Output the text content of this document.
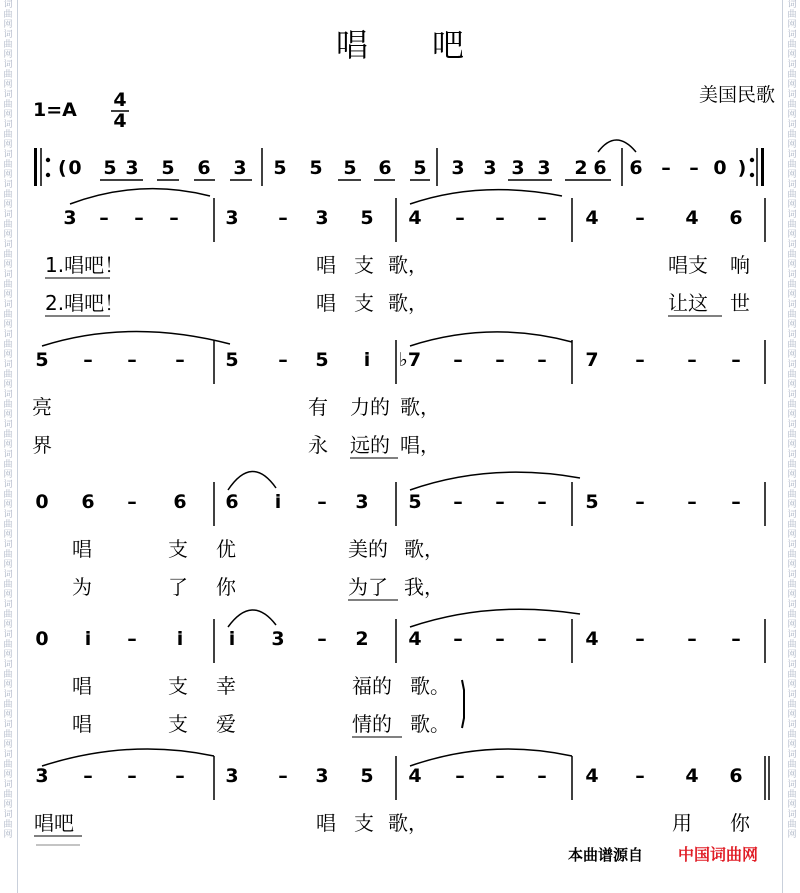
词
曲
网
词
曲
网
词
曲
网
词
曲
网
词
曲
网
词
曲
网
词
曲
网
词
曲
网
词
曲
网
词
曲
网
词
曲
网
词
曲
网
词
曲
网
词
曲
网
词
曲
网
词
曲
网
词
曲
网
词
曲
网
词
曲
网
词
曲
网
词
曲
网
词
曲
网
词
曲
网
词
曲
网
词
曲
网
词
曲
网
词
曲
网
词
曲
网
词
曲
网
词
曲
网
词
曲
网
词
曲
网
词
曲
网
词
曲
网
词
曲
网
词
曲
网
词
曲
网
词
曲
网
词
曲
网
词
曲
网
词
曲
网
词
曲
网
词
曲
网
词
曲
网
词
曲
网
词
曲
网
词
曲
网
词
曲
网
词
曲
网
词
曲
网
词
曲
网
词
曲
网
词
曲
网
词
曲
网
词
曲
网
词
曲
网
唱　　吧
美国民歌
1=A 4
4
( 0 5 3 5 6 3 5 5 5 6 5 3 3 3 3 2 6 6 – – 0 )
3 – – – 3 – 3 5 4 – – – 4 – 4 6
1.唱吧！	唱 支 歌，	唱支 响
2.唱吧！	唱 支 歌，	让这 世
5 – – – 5 – 5 i ♭7 – – – 7 – – –
亮	有 力的 歌，
界	永 远的 唱，
0 6 – 6 6 i – 3 5 – – – 5 – – –
唱	支 优	美的 歌，
为	了 你	为了 我，
0 i – i i 3 – 2 4 – – – 4 – – –
唱	支 幸	福的 歌。
唱	支 爱	情的 歌。
3 – – – 3 – 3 5 4 – – – 4 – 4 6
唱吧	唱 支 歌，	用 你
本曲谱源自 中国词曲网
